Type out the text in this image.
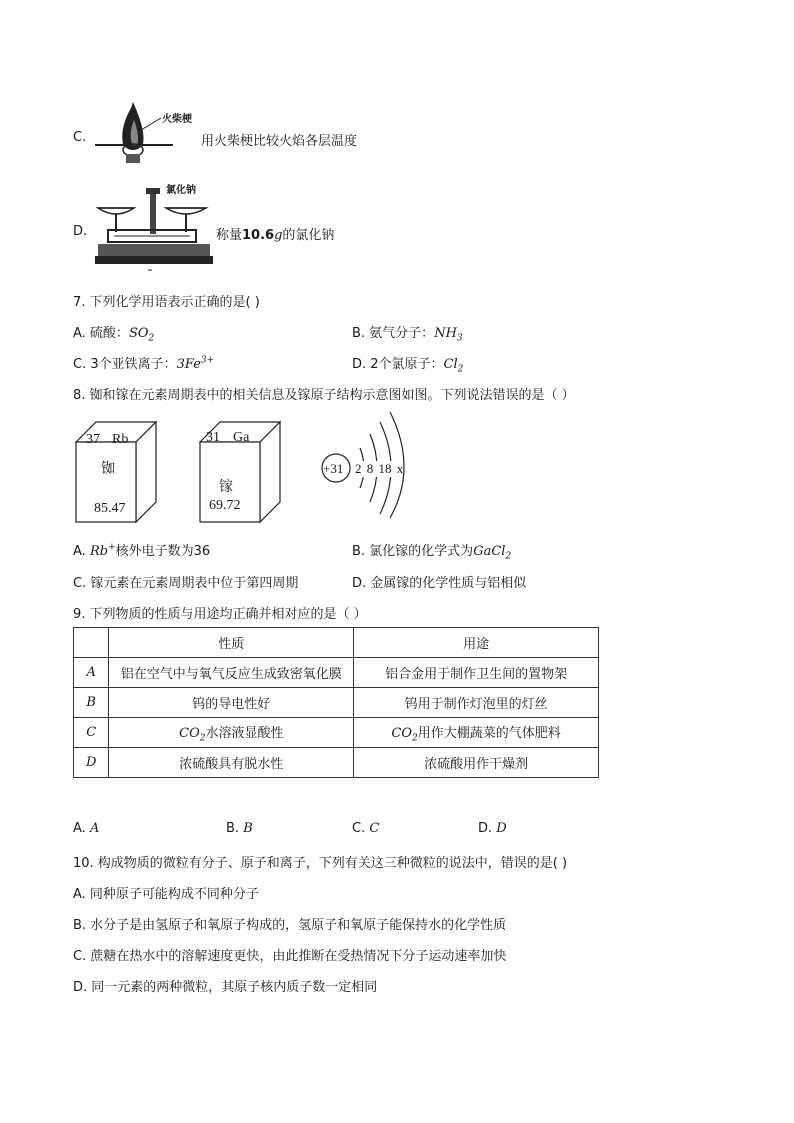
C.
火柴梗
用火柴梗比较火焰各层温度
D.
氯化钠
称量10.6g的氯化钠
7. 下列化学用语表示正确的是( )
A. 硫酸：$SO_2$	B. 氨气分子：$NH_3$
C. 3个亚铁离子：$3Fe^{3+}$	D. 2个氯原子：$Cl_2$
8. 铷和镓在元素周期表中的相关信息及镓原子结构示意图如图。下列说法错误的是（ ）
37 Rb
铷
85.47
31 Ga
镓
69.72
+31 2 8 18 x
A. Rb+核外电子数为36	B. 氯化镓的化学式为GaCl$_2$
C. 镓元素在元素周期表中位于第四周期	D. 金属镓的化学性质与铝相似
9. 下列物质的性质与用途均正确并相对应的是（ ）
	性质	用途
A	铝在空气中与氧气反应生成致密氧化膜	铝合金用于制作卫生间的置物架
B	钨的导电性好	钨用于制作灯泡里的灯丝
C	$CO_2$水溶液显酸性	$CO_2$用作大棚蔬菜的气体肥料
D	浓硫酸具有脱水性	浓硫酸用作干燥剂
A. A	B. B	C. C	D. D
10. 构成物质的微粒有分子、原子和离子，下列有关这三种微粒的说法中，错误的是( )
A. 同种原子可能构成不同种分子
B. 水分子是由氢原子和氧原子构成的，氢原子和氧原子能保持水的化学性质
C. 蔗糖在热水中的溶解速度更快，由此推断在受热情况下分子运动速率加快
D. 同一元素的两种微粒，其原子核内质子数一定相同
